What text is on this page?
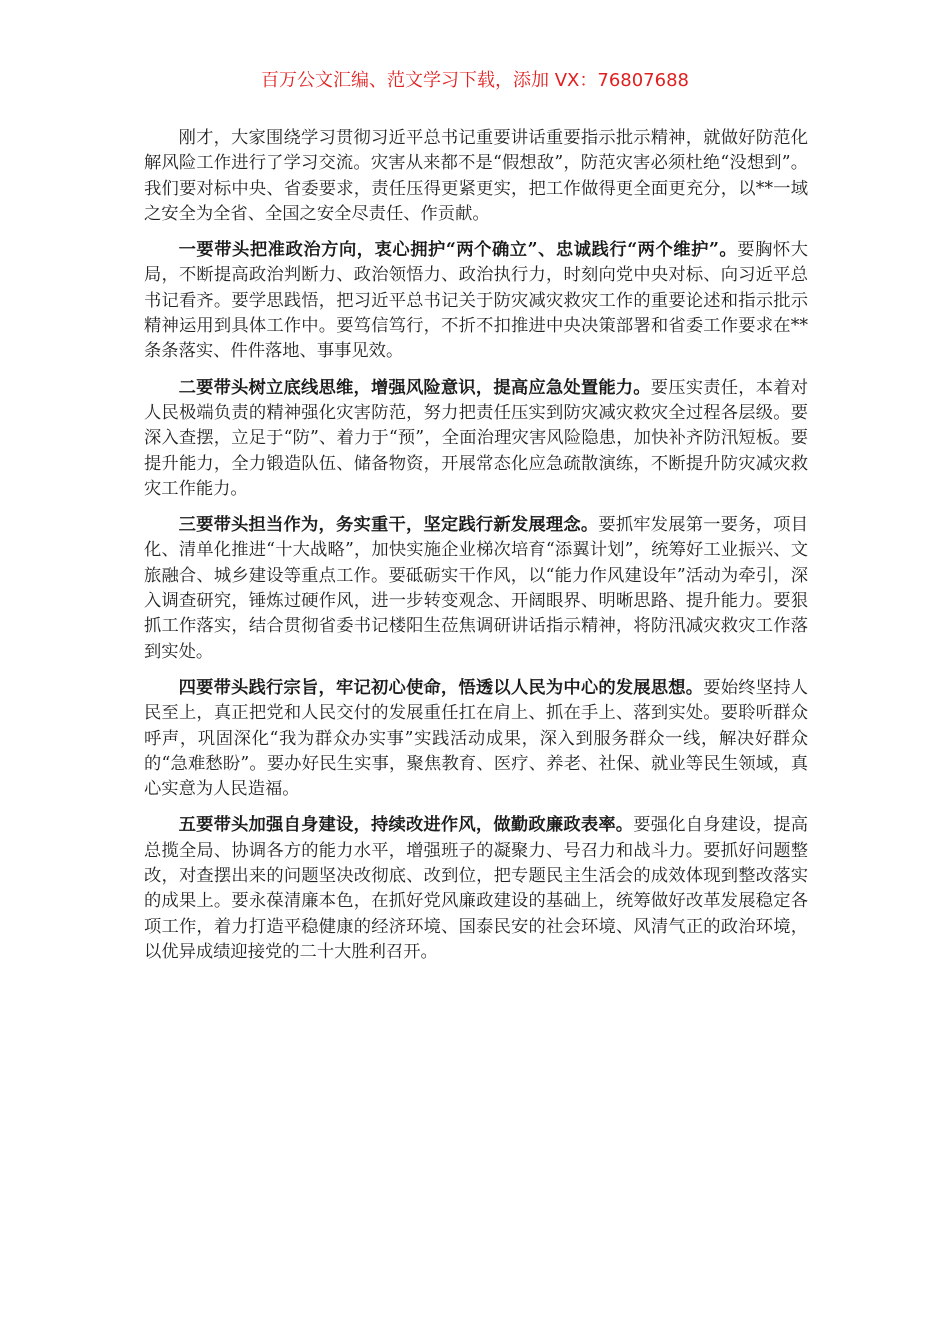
百万公文汇编、范文学习下载，添加 VX：76807688

刚才，大家围绕学习贯彻习近平总书记重要讲话重要指示批示精神，就做好防范化解风险工作进行了学习交流。灾害从来都不是“假想敌”，防范灾害必须杜绝“没想到”。我们要对标中央、省委要求，责任压得更紧更实，把工作做得更全面更充分，以**一域之安全为全省、全国之安全尽责任、作贡献。

一要带头把准政治方向，衷心拥护“两个确立”、忠诚践行“两个维护”。要胸怀大局，不断提高政治判断力、政治领悟力、政治执行力，时刻向党中央对标、向习近平总书记看齐。要学思践悟，把习近平总书记关于防灾减灾救灾工作的重要论述和指示批示精神运用到具体工作中。要笃信笃行，不折不扣推进中央决策部署和省委工作要求在**条条落实、件件落地、事事见效。

二要带头树立底线思维，增强风险意识，提高应急处置能力。要压实责任，本着对人民极端负责的精神强化灾害防范，努力把责任压实到防灾减灾救灾全过程各层级。要深入查摆，立足于“防”、着力于“预”，全面治理灾害风险隐患，加快补齐防汛短板。要提升能力，全力锻造队伍、储备物资，开展常态化应急疏散演练，不断提升防灾减灾救灾工作能力。

三要带头担当作为，务实重干，坚定践行新发展理念。要抓牢发展第一要务，项目化、清单化推进“十大战略”，加快实施企业梯次培育“添翼计划”，统筹好工业振兴、文旅融合、城乡建设等重点工作。要砥砺实干作风，以“能力作风建设年”活动为牵引，深入调查研究，锤炼过硬作风，进一步转变观念、开阔眼界、明晰思路、提升能力。要狠抓工作落实，结合贯彻省委书记楼阳生莅焦调研讲话指示精神，将防汛减灾救灾工作落到实处。

四要带头践行宗旨，牢记初心使命，悟透以人民为中心的发展思想。要始终坚持人民至上，真正把党和人民交付的发展重任扛在肩上、抓在手上、落到实处。要聆听群众呼声，巩固深化“我为群众办实事”实践活动成果，深入到服务群众一线，解决好群众的“急难愁盼”。要办好民生实事，聚焦教育、医疗、养老、社保、就业等民生领域，真心实意为人民造福。

五要带头加强自身建设，持续改进作风，做勤政廉政表率。要强化自身建设，提高总揽全局、协调各方的能力水平，增强班子的凝聚力、号召力和战斗力。要抓好问题整改，对查摆出来的问题坚决改彻底、改到位，把专题民主生活会的成效体现到整改落实的成果上。要永葆清廉本色，在抓好党风廉政建设的基础上，统筹做好改革发展稳定各项工作，着力打造平稳健康的经济环境、国泰民安的社会环境、风清气正的政治环境，以优异成绩迎接党的二十大胜利召开。
